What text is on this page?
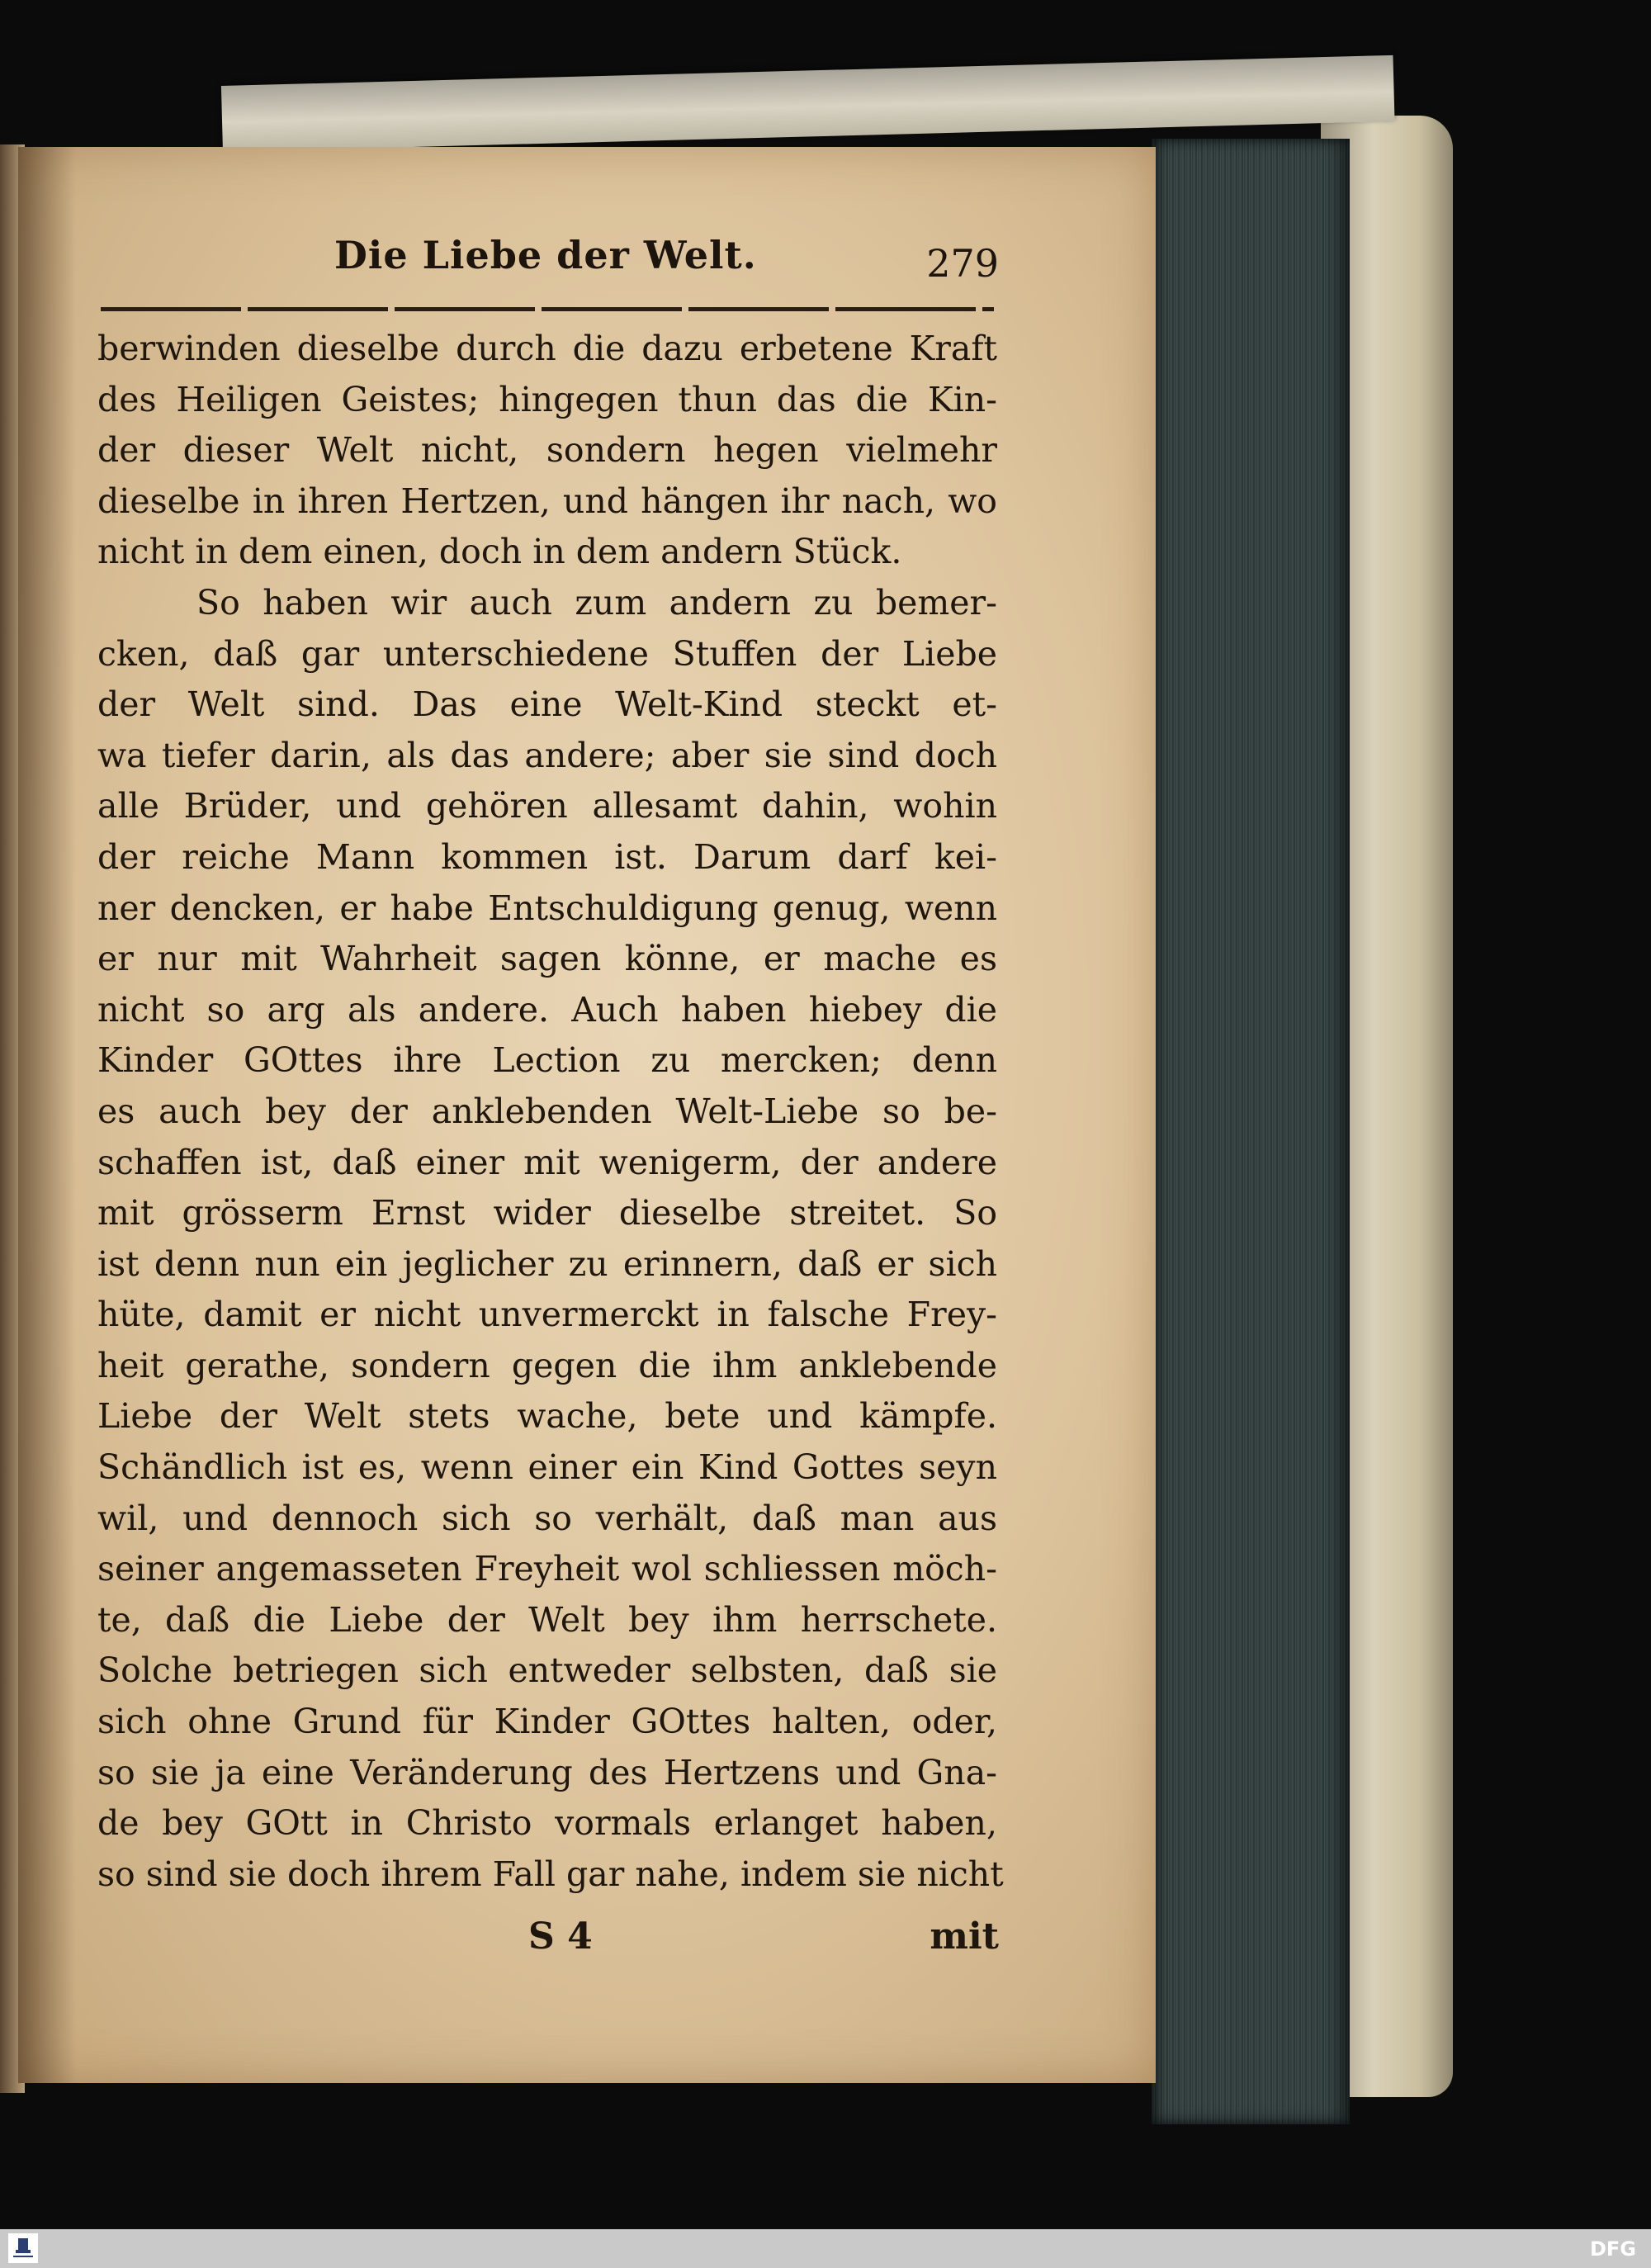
Die Liebe der Welt.	279
berwinden dieselbe durch die dazu erbetene Kraft
des Heiligen Geistes; hingegen thun das die Kin-
der dieser Welt nicht, sondern hegen vielmehr
dieselbe in ihren Hertzen, und hängen ihr nach, wo
nicht in dem einen, doch in dem andern Stück.
So haben wir auch zum andern zu bemer-
cken, daß gar unterschiedene Stuffen der Liebe
der Welt sind. Das eine Welt-Kind steckt et-
wa tiefer darin, als das andere; aber sie sind doch
alle Brüder, und gehören allesamt dahin, wohin
der reiche Mann kommen ist. Darum darf kei-
ner dencken, er habe Entschuldigung genug, wenn
er nur mit Wahrheit sagen könne, er mache es
nicht so arg als andere. Auch haben hiebey die
Kinder GOttes ihre Lection zu mercken; denn
es auch bey der anklebenden Welt-Liebe so be-
schaffen ist, daß einer mit wenigerm, der andere
mit grösserm Ernst wider dieselbe streitet. So
ist denn nun ein jeglicher zu erinnern, daß er sich
hüte, damit er nicht unvermerckt in falsche Frey-
heit gerathe, sondern gegen die ihm anklebende
Liebe der Welt stets wache, bete und kämpfe.
Schändlich ist es, wenn einer ein Kind Gottes seyn
wil, und dennoch sich so verhält, daß man aus
seiner angemasseten Freyheit wol schliessen möch-
te, daß die Liebe der Welt bey ihm herrschete.
Solche betriegen sich entweder selbsten, daß sie
sich ohne Grund für Kinder GOttes halten, oder,
so sie ja eine Veränderung des Hertzens und Gna-
de bey GOtt in Christo vormals erlanget haben,
so sind sie doch ihrem Fall gar nahe, indem sie nicht
S 4	mit
DFG
